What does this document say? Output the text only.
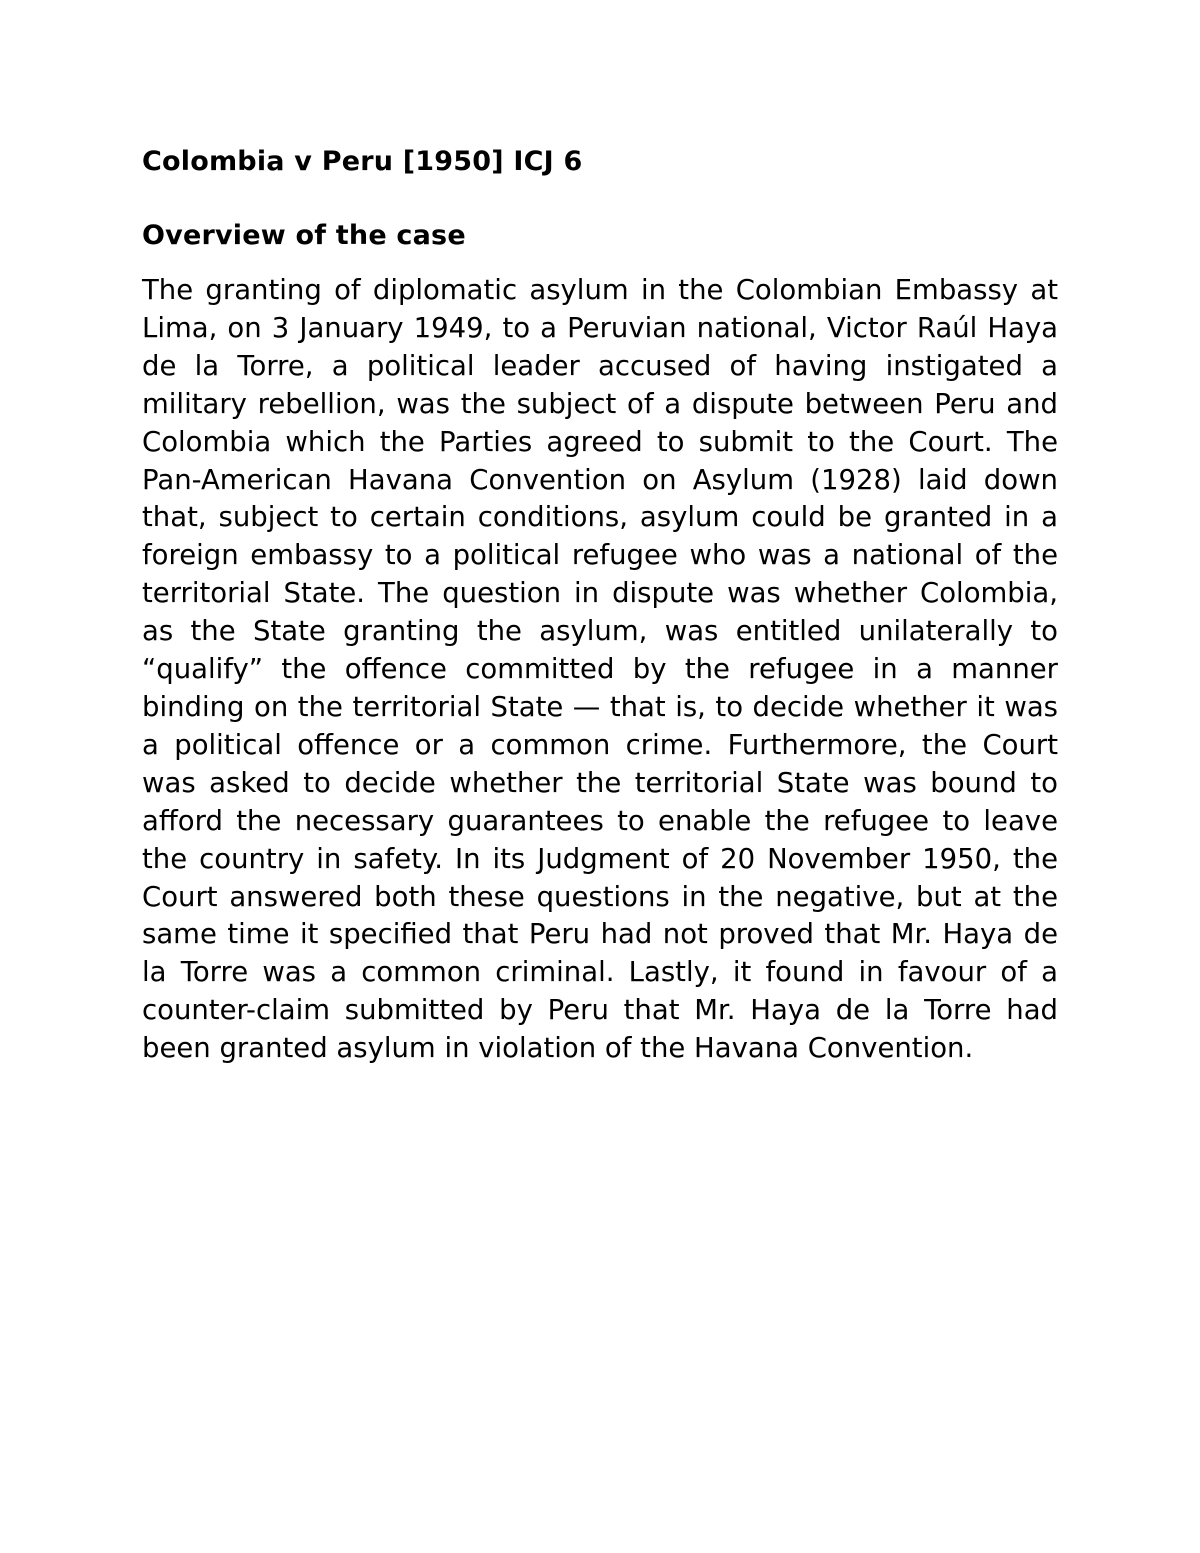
Colombia v Peru [1950] ICJ 6
Overview of the case

The granting of diplomatic asylum in the Colombian Embassy at Lima, on 3 January 1949, to a Peruvian national, Victor Raúl Haya de la Torre, a political leader accused of having instigated a military rebellion, was the subject of a dispute between Peru and Colombia which the Parties agreed to submit to the Court. The Pan-American Havana Convention on Asylum (1928) laid down that, subject to certain conditions, asylum could be granted in a foreign embassy to a political refugee who was a national of the territorial State. The question in dispute was whether Colombia, as the State granting the asylum, was entitled unilaterally to “qualify” the offence committed by the refugee in a manner binding on the territorial State — that is, to decide whether it was a political offence or a common crime. Furthermore, the Court was asked to decide whether the territorial State was bound to afford the necessary guarantees to enable the refugee to leave the country in safety. In its Judgment of 20 November 1950, the Court answered both these questions in the negative, but at the same time it specified that Peru had not proved that Mr. Haya de la Torre was a common criminal. Lastly, it found in favour of a counter-claim submitted by Peru that Mr. Haya de la Torre had been granted asylum in violation of the Havana Convention.
